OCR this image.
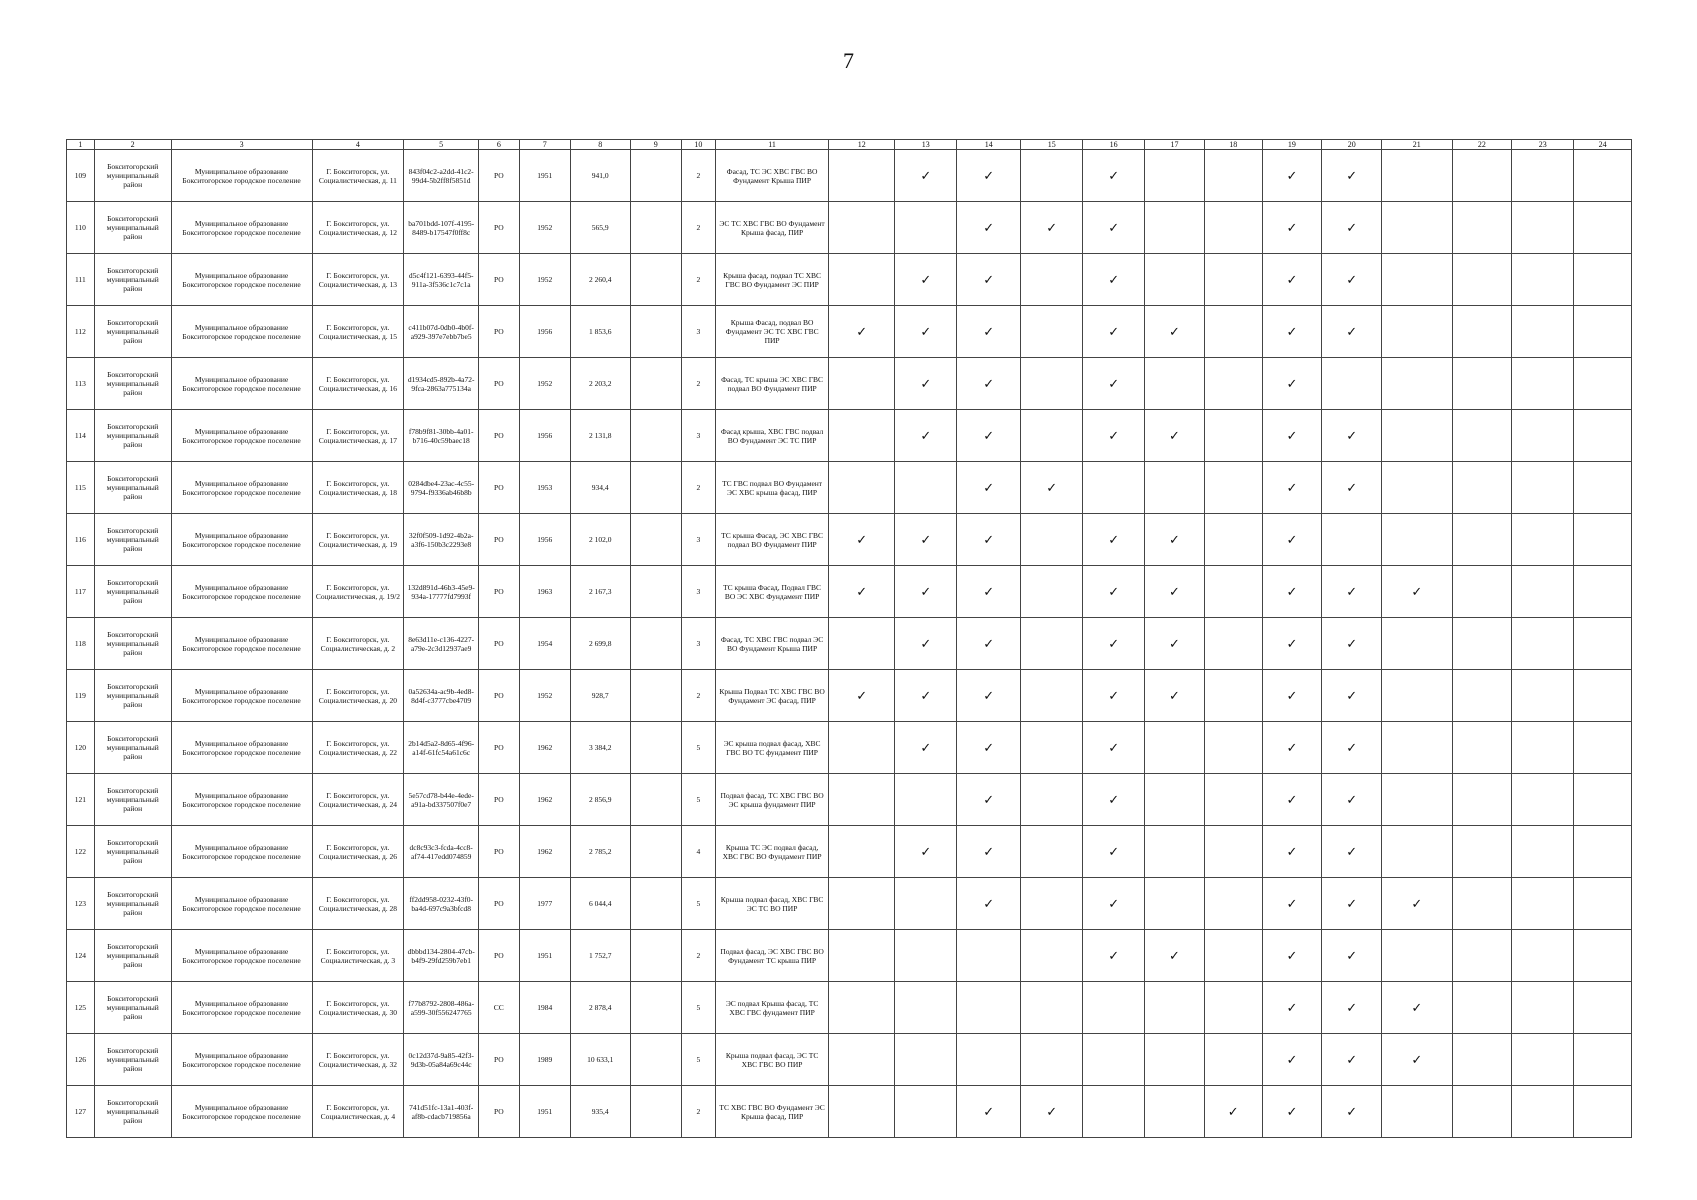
7
1	2	3	4	5	6	7	8	9	10	11	12	13	14	15	16	17	18	19	20	21	22	23	24
109	Бокситогорский муниципальный район	Муниципальное образование Бокситогорское городское поселение	Г. Бокситогорск, ул. Социалистическая, д. 11	843f04c2-a2dd-41c2-99d4-5b2ff8f5851d	РО	1951	941,0		2	Фасад, ТС ЭС ХВС ГВС ВО Фундамент Крыша ПИР		✓	✓		✓			✓	✓				
110	Бокситогорский муниципальный район	Муниципальное образование Бокситогорское городское поселение	Г. Бокситогорск, ул. Социалистическая, д. 12	ba701bdd-107f-4195-8489-b17547f0ff8c	РО	1952	565,9		2	ЭС ТС ХВС ГВС ВО Фундамент Крыша фасад, ПИР			✓	✓	✓			✓	✓				
111	Бокситогорский муниципальный район	Муниципальное образование Бокситогорское городское поселение	Г. Бокситогорск, ул. Социалистическая, д. 13	d5c4f121-6393-44f5-911a-3f536c1c7c1a	РО	1952	2 260,4		2	Крыша фасад, подвал ТС ХВС ГВС ВО Фундамент ЭС ПИР		✓	✓		✓			✓	✓				
112	Бокситогорский муниципальный район	Муниципальное образование Бокситогорское городское поселение	Г. Бокситогорск, ул. Социалистическая, д. 15	c411b07d-0db0-4b0f-a929-397e7ebb7be5	РО	1956	1 853,6		3	Крыша Фасад, подвал ВО Фундамент ЭС ТС ХВС ГВС ПИР	✓	✓	✓		✓	✓		✓	✓				
113	Бокситогорский муниципальный район	Муниципальное образование Бокситогорское городское поселение	Г. Бокситогорск, ул. Социалистическая, д. 16	d1934cd5-892b-4a72-9fca-2863a775134a	РО	1952	2 203,2		2	Фасад, ТС крыша ЭС ХВС ГВС подвал ВО Фундамент ПИР		✓	✓		✓			✓					
114	Бокситогорский муниципальный район	Муниципальное образование Бокситогорское городское поселение	Г. Бокситогорск, ул. Социалистическая, д. 17	f78b9f81-30bb-4a01-b716-40c59baec18	РО	1956	2 131,8		3	Фасад крыша, ХВС ГВС подвал ВО Фундамент ЭС ТС ПИР		✓	✓		✓	✓		✓	✓				
115	Бокситогорский муниципальный район	Муниципальное образование Бокситогорское городское поселение	Г. Бокситогорск, ул. Социалистическая, д. 18	0284dbe4-23ac-4c55-9794-f9336ab46b8b	РО	1953	934,4		2	ТС ГВС подвал ВО Фундамент ЭС ХВС крыша фасад, ПИР			✓	✓				✓	✓				
116	Бокситогорский муниципальный район	Муниципальное образование Бокситогорское городское поселение	Г. Бокситогорск, ул. Социалистическая, д. 19	32f0f509-1d92-4b2a-a3f6-150b3c2293e8	РО	1956	2 102,0		3	ТС крыша Фасад, ЭС ХВС ГВС подвал ВО Фундамент ПИР	✓	✓	✓		✓	✓		✓					
117	Бокситогорский муниципальный район	Муниципальное образование Бокситогорское городское поселение	Г. Бокситогорск, ул. Социалистическая, д. 19/2	132d891d-46b3-45e9-934a-17777fd7993f	РО	1963	2 167,3		3	ТС крыша Фасад, Подвал ГВС ВО ЭС ХВС Фундамент ПИР	✓	✓	✓		✓	✓		✓	✓	✓			
118	Бокситогорский муниципальный район	Муниципальное образование Бокситогорское городское поселение	Г. Бокситогорск, ул. Социалистическая, д. 2	8e63d11e-c136-4227-a79e-2c3d12937ae9	РО	1954	2 699,8		3	Фасад, ТС ХВС ГВС подвал ЭС ВО Фундамент Крыша ПИР		✓	✓		✓	✓		✓	✓				
119	Бокситогорский муниципальный район	Муниципальное образование Бокситогорское городское поселение	Г. Бокситогорск, ул. Социалистическая, д. 20	0a52634a-ac9b-4ed8-8d4f-c3777cbe4709	РО	1952	928,7		2	Крыша Подвал ТС ХВС ГВС ВО Фундамент ЭС фасад, ПИР	✓	✓	✓		✓	✓		✓	✓				
120	Бокситогорский муниципальный район	Муниципальное образование Бокситогорское городское поселение	Г. Бокситогорск, ул. Социалистическая, д. 22	2b14d5a2-8d65-4f96-a14f-61fc54a61c6c	РО	1962	3 384,2		5	ЭС крыша подвал фасад, ХВС ГВС ВО ТС фундамент ПИР		✓	✓		✓			✓	✓				
121	Бокситогорский муниципальный район	Муниципальное образование Бокситогорское городское поселение	Г. Бокситогорск, ул. Социалистическая, д. 24	5e57cd78-b44e-4ede-a91a-bd337507f0e7	РО	1962	2 856,9		5	Подвал фасад, ТС ХВС ГВС ВО ЭС крыша фундамент ПИР			✓		✓			✓	✓				
122	Бокситогорский муниципальный район	Муниципальное образование Бокситогорское городское поселение	Г. Бокситогорск, ул. Социалистическая, д. 26	dc8c93c3-fcda-4cc8-af74-417edd074859	РО	1962	2 785,2		4	Крыша ТС ЭС подвал фасад, ХВС ГВС ВО Фундамент ПИР		✓	✓		✓			✓	✓				
123	Бокситогорский муниципальный район	Муниципальное образование Бокситогорское городское поселение	Г. Бокситогорск, ул. Социалистическая, д. 28	ff2dd958-0232-43f0-ba4d-697c9a3bfcd8	РО	1977	6 044,4		5	Крыша подвал фасад, ХВС ГВС ЭС ТС ВО ПИР			✓		✓			✓	✓	✓			
124	Бокситогорский муниципальный район	Муниципальное образование Бокситогорское городское поселение	Г. Бокситогорск, ул. Социалистическая, д. 3	dbbbd134-2804-47cb-b4f9-29fd259b7eb1	РО	1951	1 752,7		2	Подвал фасад, ЭС ХВС ГВС ВО Фундамент ТС крыша ПИР					✓	✓		✓	✓				
125	Бокситогорский муниципальный район	Муниципальное образование Бокситогорское городское поселение	Г. Бокситогорск, ул. Социалистическая, д. 30	f77b8792-2808-486a-a599-30f556247765	СС	1984	2 878,4		5	ЭС подвал Крыша фасад, ТС ХВС ГВС фундамент ПИР								✓	✓	✓			
126	Бокситогорский муниципальный район	Муниципальное образование Бокситогорское городское поселение	Г. Бокситогорск, ул. Социалистическая, д. 32	0c12d37d-9a85-42f3-9d3b-05a84a69c44c	РО	1989	10 633,1		5	Крыша подвал фасад, ЭС ТС ХВС ГВС ВО ПИР								✓	✓	✓			
127	Бокситогорский муниципальный район	Муниципальное образование Бокситогорское городское поселение	Г. Бокситогорск, ул. Социалистическая, д. 4	741d51fc-13a1-403f-af8b-cdacb719856a	РО	1951	935,4		2	ТС ХВС ГВС ВО Фундамент ЭС Крыша фасад, ПИР			✓	✓			✓	✓	✓				
